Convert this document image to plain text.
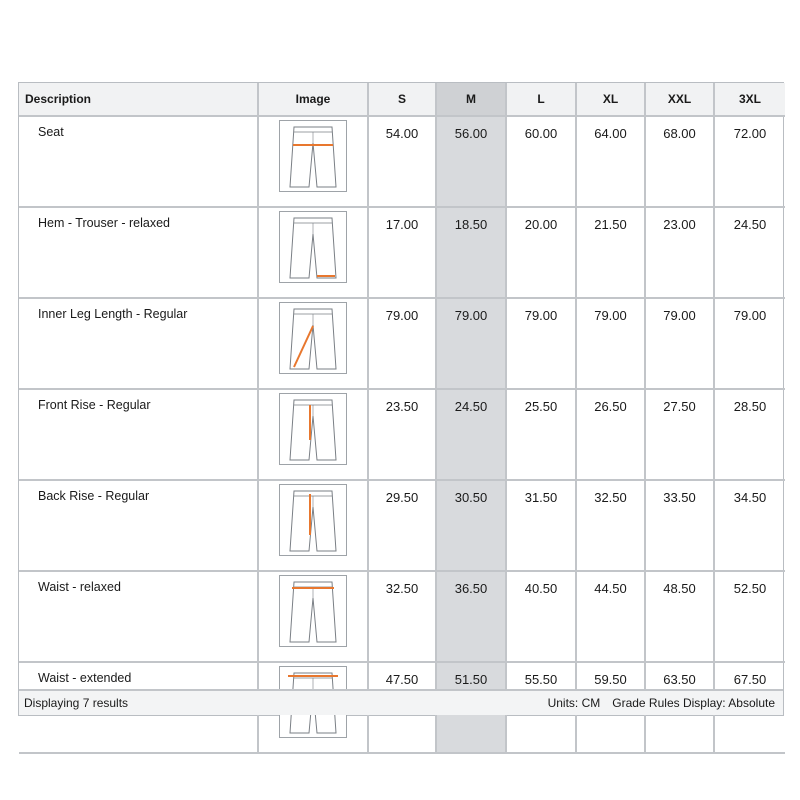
Description	Image	S	M	L	XL	XXL	3XL
Seat		54.00	56.00	60.00	64.00	68.00	72.00
Hem - Trouser - relaxed		17.00	18.50	20.00	21.50	23.00	24.50
Inner Leg Length - Regular		79.00	79.00	79.00	79.00	79.00	79.00
Front Rise - Regular		23.50	24.50	25.50	26.50	27.50	28.50
Back Rise - Regular		29.50	30.50	31.50	32.50	33.50	34.50
Waist - relaxed		32.50	36.50	40.50	44.50	48.50	52.50
Waist - extended		47.50	51.50	55.50	59.50	63.50	67.50
Displaying 7 results	Units: CM Grade Rules Display: Absolute
